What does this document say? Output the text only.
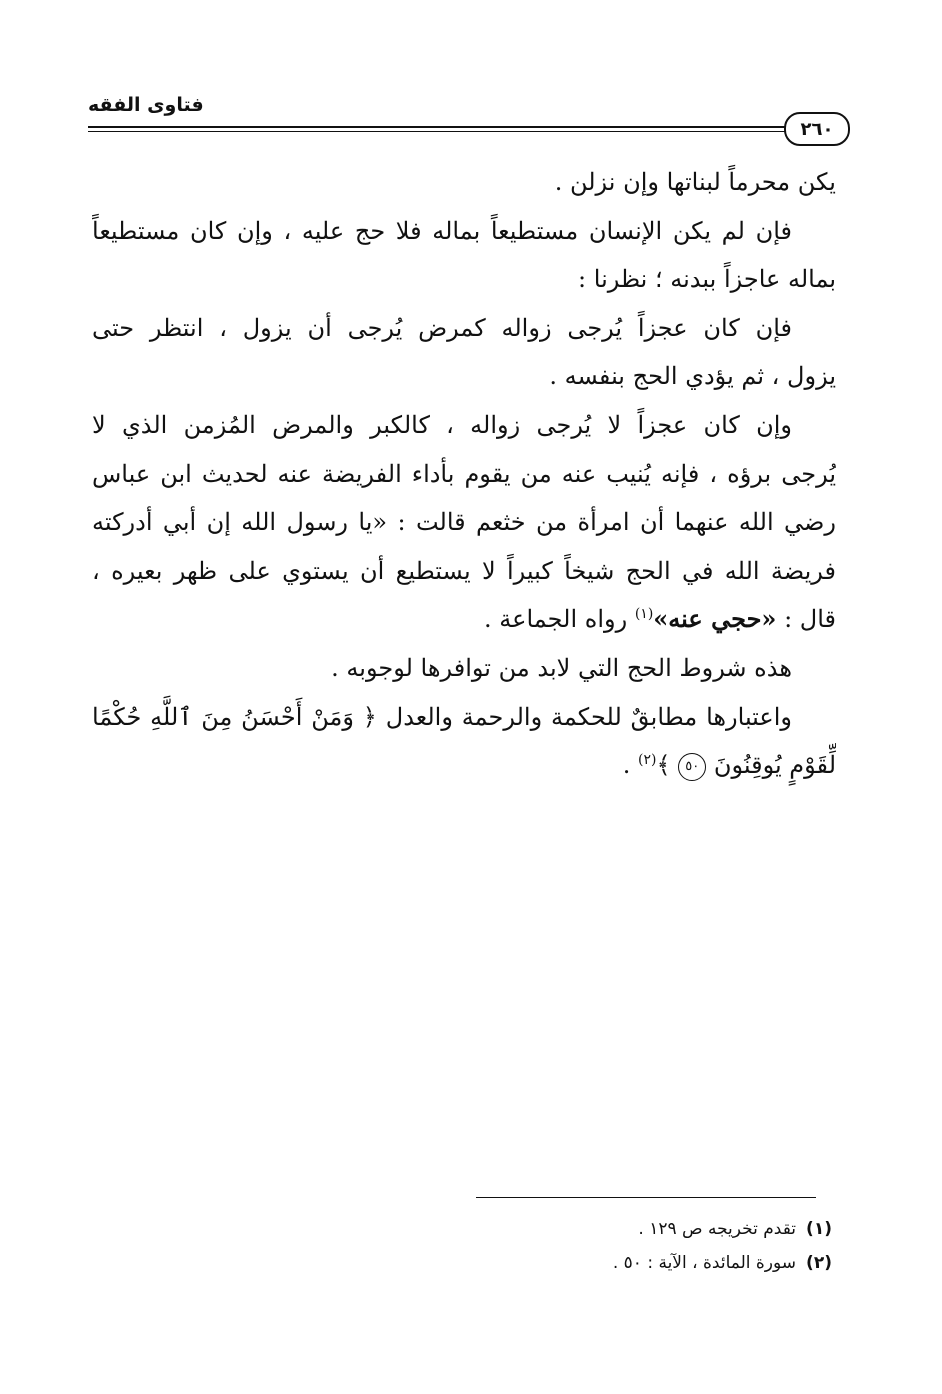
فتاوى الفقه
٢٦٠
يكن محرماً لبناتها وإن نزلن .
فإن لم يكن الإنسان مستطيعاً بماله فلا حج عليه ، وإن كان مستطيعاً
بماله عاجزاً ببدنه ؛ نظرنا :
فإن كان عجزاً يُرجى زواله كمرض يُرجى أن يزول ، انتظر حتى
يزول ، ثم يؤدي الحج بنفسه .
وإن كان عجزاً لا يُرجى زواله ، كالكبر والمرض المُزمن الذي لا
يُرجى برؤه ، فإنه يُنيب عنه من يقوم بأداء الفريضة عنه لحديث ابن عباس
رضي الله عنهما أن امرأة من خثعم قالت : «يا رسول الله إن أبي أدركته
فريضة الله في الحج شيخاً كبيراً لا يستطيع أن يستوي على ظهر بعيره ،
قال : «حجي عنه»$^{(١)}$ رواه الجماعة .
هذه شروط الحج التي لابد من توافرها لوجوبه .
واعتبارها مطابقٌ للحكمة والرحمة والعدل ﴿ وَمَنْ أَحْسَنُ مِنَ ٱللَّهِ حُكْمًا
لِّقَوْمٍ يُوقِنُونَ ٥٠ ﴾$^{(٢)}$ .
(١)تقدم تخريجه ص ١٢٩ .
(٢)سورة المائدة ، الآية : ٥٠ .
